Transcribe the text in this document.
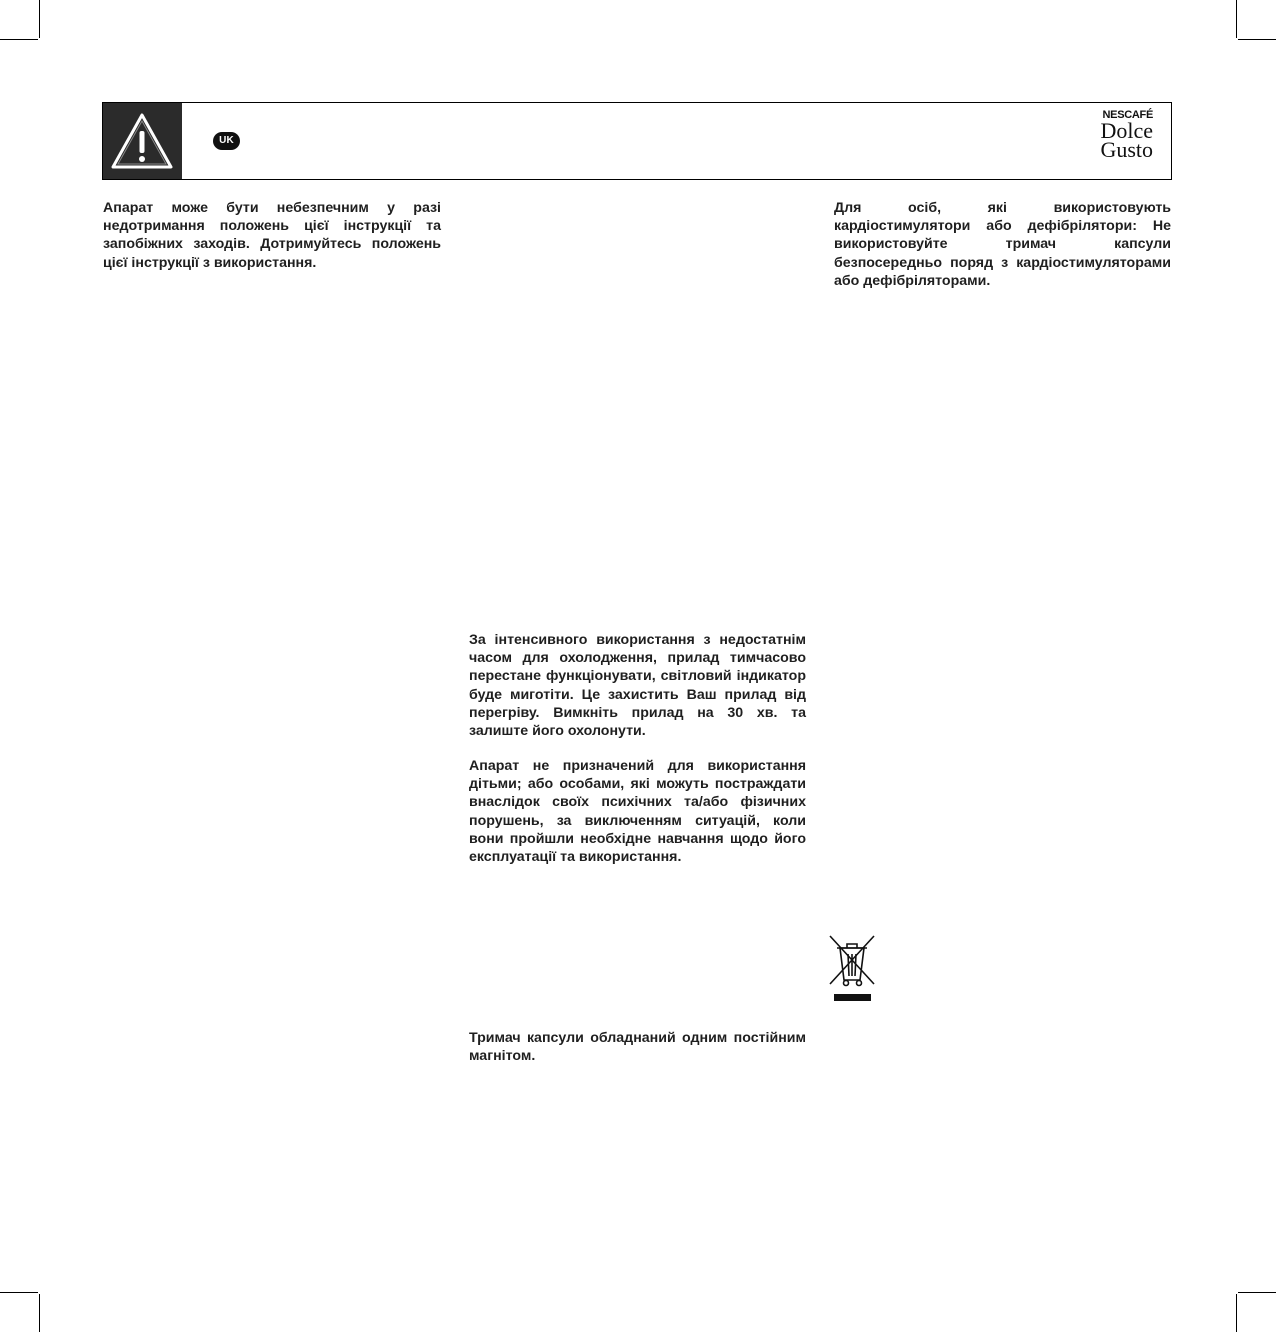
UK
NESCAFÉ
Dolce
Gusto

Апарат може бути небезпечним у разі недотримання положень цієї інструкції та запобіжних заходів. Дотримуйтесь положень цієї інструкції з використання.

Для осіб, які використовують кардіостимулятори або дефібрілятори: Не використовуйте тримач капсули безпосередньо поряд з кардіостимуляторами або дефібріляторами.

За інтенсивного використання з недостатнім часом для охолодження, прилад тимчасово перестане функціонувати, світловий індикатор буде миготіти. Це захистить Ваш прилад від перегріву. Вимкніть прилад на 30 хв. та залиште його охолонути.

Апарат не призначений для використання дітьми; або особами, які можуть постраждати внаслідок своїх психічних та/або фізичних порушень, за виключенням ситуацій, коли вони пройшли необхідне навчання щодо його експлуатації та використання.

Тримач капсули обладнаний одним постійним магнітом.
